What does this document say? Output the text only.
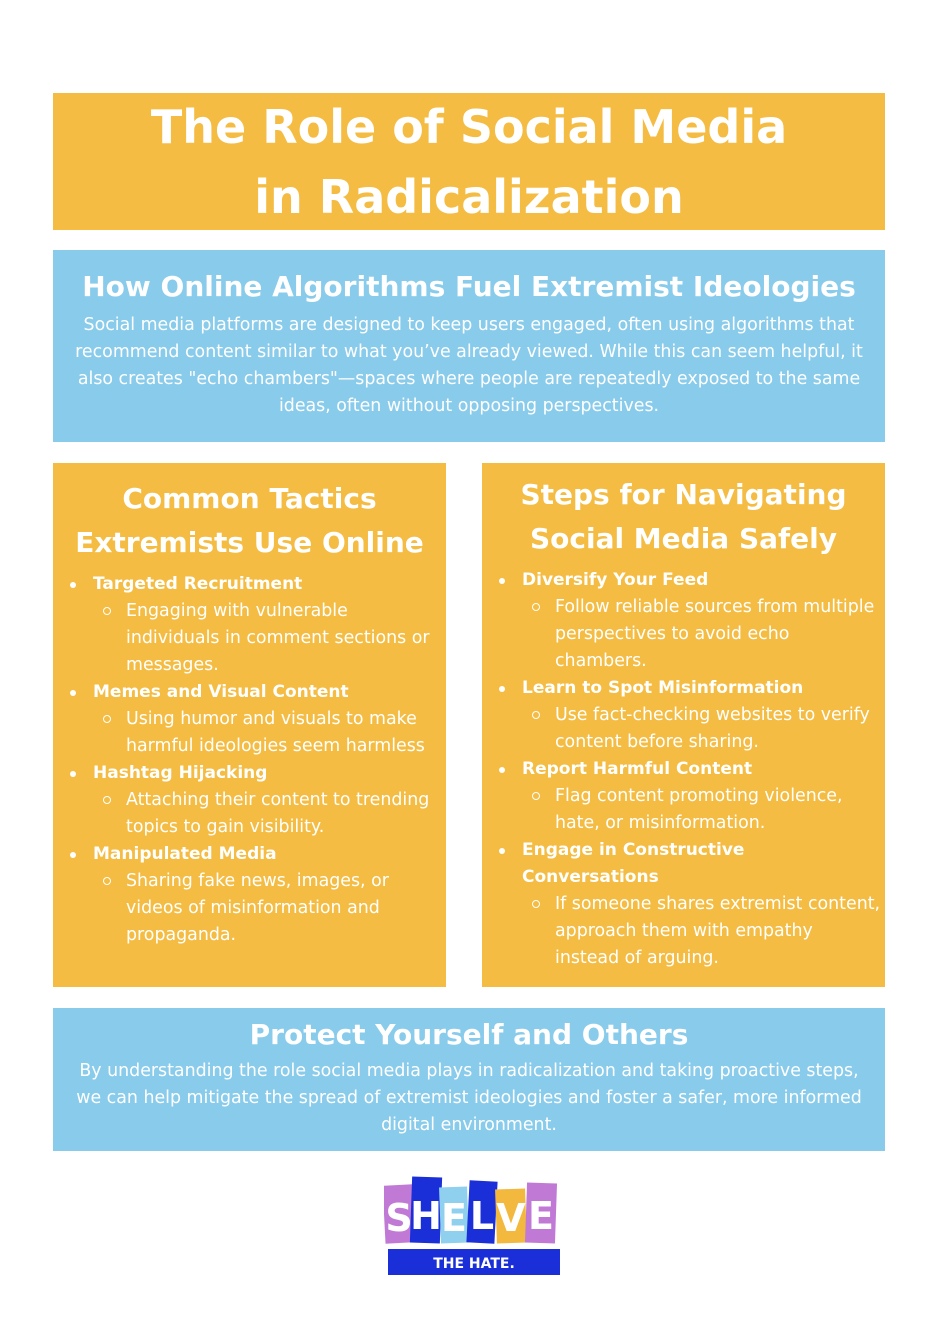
The Role of Social Media in Radicalization
How Online Algorithms Fuel Extremist Ideologies

Social media platforms are designed to keep users engaged, often using algorithms that recommend content similar to what you’ve already viewed. While this can seem helpful, it also creates "echo chambers"—spaces where people are repeatedly exposed to the same ideas, often without opposing perspectives.

Common Tactics Extremists Use Online
Targeted Recruitment
Engaging with vulnerable individuals in comment sections or messages.
Memes and Visual Content
Using humor and visuals to make harmful ideologies seem harmless
Hashtag Hijacking
Attaching their content to trending topics to gain visibility.
Manipulated Media
Sharing fake news, images, or videos of misinformation and propaganda.
Steps for Navigating Social Media Safely
Diversify Your Feed
Follow reliable sources from multiple perspectives to avoid echo chambers.
Learn to Spot Misinformation
Use fact-checking websites to verify content before sharing.
Report Harmful Content
Flag content promoting violence, hate, or misinformation.
Engage in Constructive Conversations
If someone shares extremist content, approach them with empathy instead of arguing.
Protect Yourself and Others

By understanding the role social media plays in radicalization and taking proactive steps, we can help mitigate the spread of extremist ideologies and foster a safer, more informed digital environment.

S
H E L V E
THE HATE.
